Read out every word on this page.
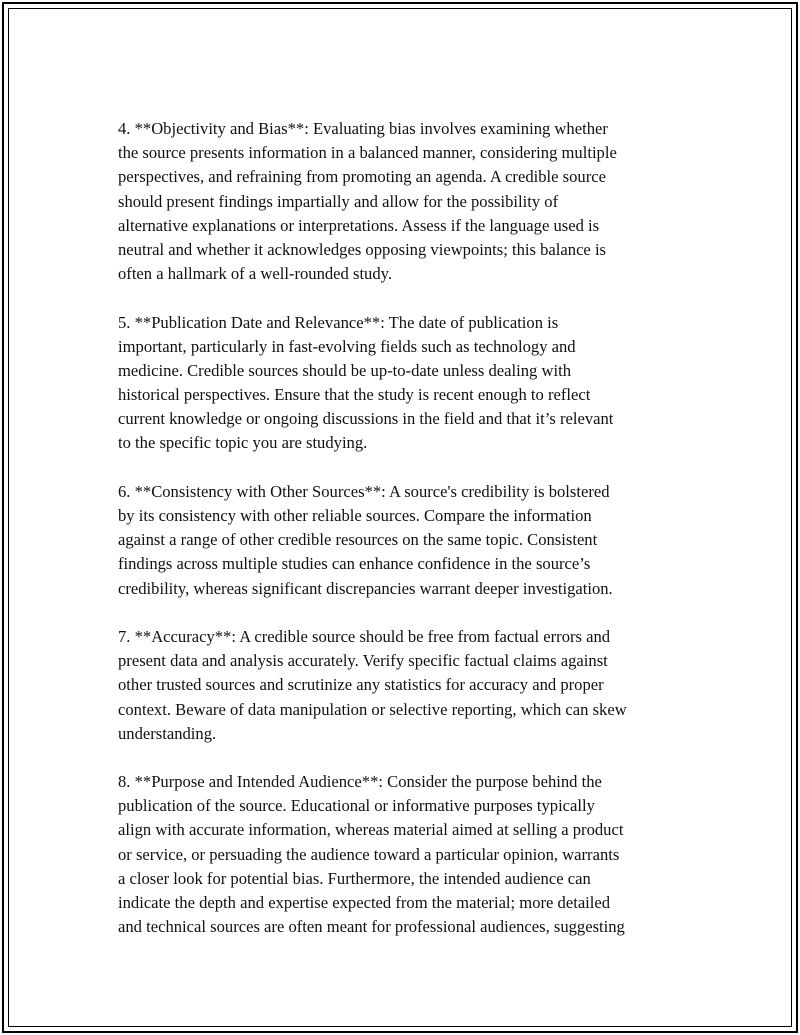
4. **Objectivity and Bias**: Evaluating bias involves examining whether
the source presents information in a balanced manner, considering multiple
perspectives, and refraining from promoting an agenda. A credible source
should present findings impartially and allow for the possibility of
alternative explanations or interpretations. Assess if the language used is
neutral and whether it acknowledges opposing viewpoints; this balance is
often a hallmark of a well-rounded study.
5. **Publication Date and Relevance**: The date of publication is
important, particularly in fast-evolving fields such as technology and
medicine. Credible sources should be up-to-date unless dealing with
historical perspectives. Ensure that the study is recent enough to reflect
current knowledge or ongoing discussions in the field and that it’s relevant
to the specific topic you are studying.
6. **Consistency with Other Sources**: A source's credibility is bolstered
by its consistency with other reliable sources. Compare the information
against a range of other credible resources on the same topic. Consistent
findings across multiple studies can enhance confidence in the source’s
credibility, whereas significant discrepancies warrant deeper investigation.
7. **Accuracy**: A credible source should be free from factual errors and
present data and analysis accurately. Verify specific factual claims against
other trusted sources and scrutinize any statistics for accuracy and proper
context. Beware of data manipulation or selective reporting, which can skew
understanding.
8. **Purpose and Intended Audience**: Consider the purpose behind the
publication of the source. Educational or informative purposes typically
align with accurate information, whereas material aimed at selling a product
or service, or persuading the audience toward a particular opinion, warrants
a closer look for potential bias. Furthermore, the intended audience can
indicate the depth and expertise expected from the material; more detailed
and technical sources are often meant for professional audiences, suggesting
